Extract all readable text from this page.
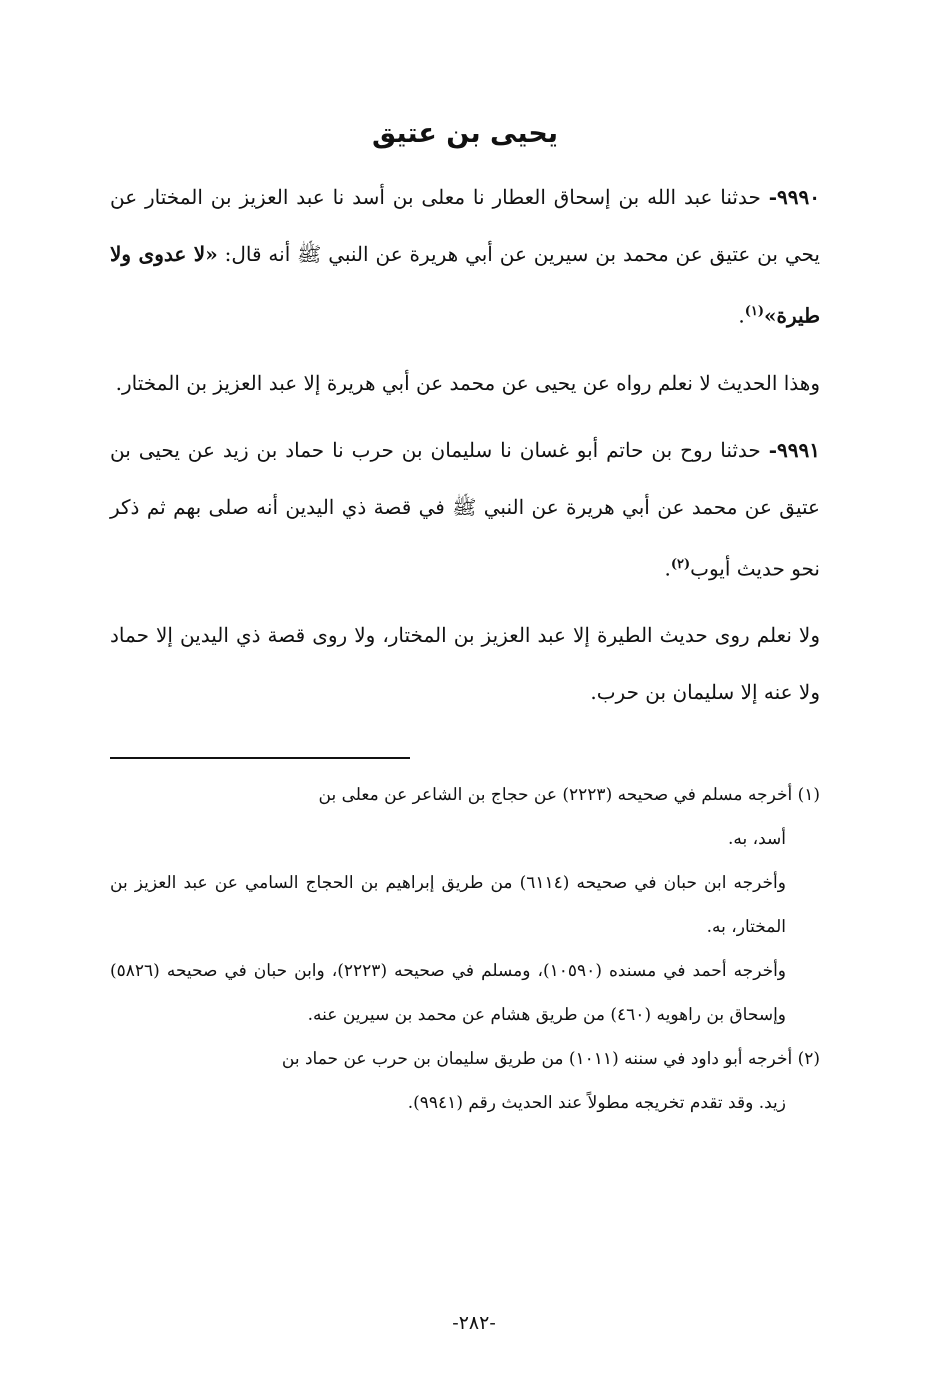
يحيى بن عتيق

٩٩٩٠- حدثنا عبد الله بن إسحاق العطار نا معلى بن أسد نا عبد العزيز بن المختار عن يحي بن عتيق عن محمد بن سيرين عن أبي هريرة عن النبي ﷺ أنه قال: «لا عدوى ولا طيرة»$^{(١)}$.

وهذا الحديث لا نعلم رواه عن يحيى عن محمد عن أبي هريرة إلا عبد العزيز بن المختار.

٩٩٩١- حدثنا روح بن حاتم أبو غسان نا سليمان بن حرب نا حماد بن زيد عن يحيى بن عتيق عن محمد عن أبي هريرة عن النبي ﷺ في قصة ذي اليدين أنه صلى بهم ثم ذكر نحو حديث أيوب$^{(٢)}$.

ولا نعلم روى حديث الطيرة إلا عبد العزيز بن المختار، ولا روى قصة ذي اليدين إلا حماد ولا عنه إلا سليمان بن حرب.

(١) أخرجه مسلم في صحيحه (٢٢٢٣) عن حجاج بن الشاعر عن معلى بن
أسد، به.
وأخرجه ابن حبان في صحيحه (٦١١٤) من طريق إبراهيم بن الحجاج السامي عن عبد العزيز بن المختار، به.
وأخرجه أحمد في مسنده (١٠٥٩٠)، ومسلم في صحيحه (٢٢٢٣)، وابن حبان في صحيحه (٥٨٢٦) وإسحاق بن راهويه (٤٦٠) من طريق هشام عن محمد بن سيرين عنه.
(٢) أخرجه أبو داود في سننه (١٠١١) من طريق سليمان بن حرب عن حماد بن
زيد. وقد تقدم تخريجه مطولاً عند الحديث رقم (٩٩٤١).
-٢٨٢-
